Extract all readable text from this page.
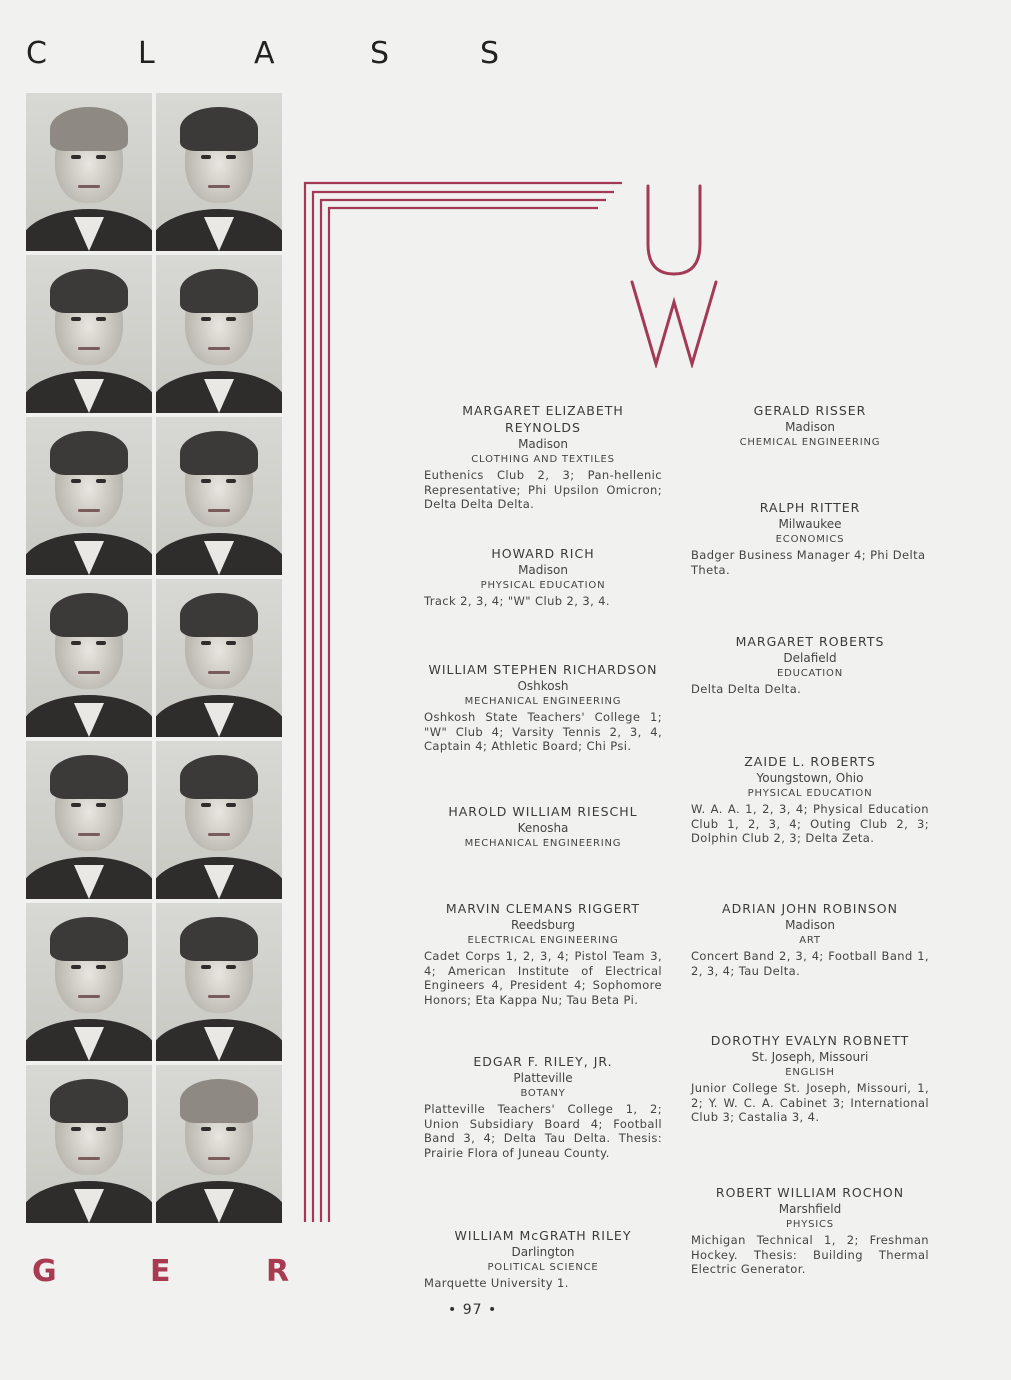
C	L	A	S	S
G	E	R
MARGARET ELIZABETH REYNOLDS
Madison
CLOTHING AND TEXTILES
Euthenics Club 2, 3; Pan-hellenic Representative; Phi Upsilon Omicron; Delta Delta Delta.
HOWARD RICH
Madison
PHYSICAL EDUCATION
Track 2, 3, 4; "W" Club 2, 3, 4.
WILLIAM STEPHEN RICHARDSON
Oshkosh
MECHANICAL ENGINEERING
Oshkosh State Teachers' College 1; "W" Club 4; Varsity Tennis 2, 3, 4, Captain 4; Athletic Board; Chi Psi.
HAROLD WILLIAM RIESCHL
Kenosha
MECHANICAL ENGINEERING
MARVIN CLEMANS RIGGERT
Reedsburg
ELECTRICAL ENGINEERING
Cadet Corps 1, 2, 3, 4; Pistol Team 3, 4; American Institute of Electrical Engineers 4, President 4; Sophomore Honors; Eta Kappa Nu; Tau Beta Pi.
EDGAR F. RILEY, JR.
Platteville
BOTANY
Platteville Teachers' College 1, 2; Union Subsidiary Board 4; Football Band 3, 4; Delta Tau Delta. Thesis: Prairie Flora of Juneau County.
WILLIAM McGRATH RILEY
Darlington
POLITICAL SCIENCE
Marquette University 1.
GERALD RISSER
Madison
CHEMICAL ENGINEERING
RALPH RITTER
Milwaukee
ECONOMICS
Badger Business Manager 4; Phi Delta Theta.
MARGARET ROBERTS
Delafield
EDUCATION
Delta Delta Delta.
ZAIDE L. ROBERTS
Youngstown, Ohio
PHYSICAL EDUCATION
W. A. A. 1, 2, 3, 4; Physical Education Club 1, 2, 3, 4; Outing Club 2, 3; Dolphin Club 2, 3; Delta Zeta.
ADRIAN JOHN ROBINSON
Madison
ART
Concert Band 2, 3, 4; Football Band 1, 2, 3, 4; Tau Delta.
DOROTHY EVALYN ROBNETT
St. Joseph, Missouri
ENGLISH
Junior College St. Joseph, Missouri, 1, 2; Y. W. C. A. Cabinet 3; International Club 3; Castalia 3, 4.
ROBERT WILLIAM ROCHON
Marshfield
PHYSICS
Michigan Technical 1, 2; Freshman Hockey. Thesis: Building Thermal Electric Generator.
• 97 •
